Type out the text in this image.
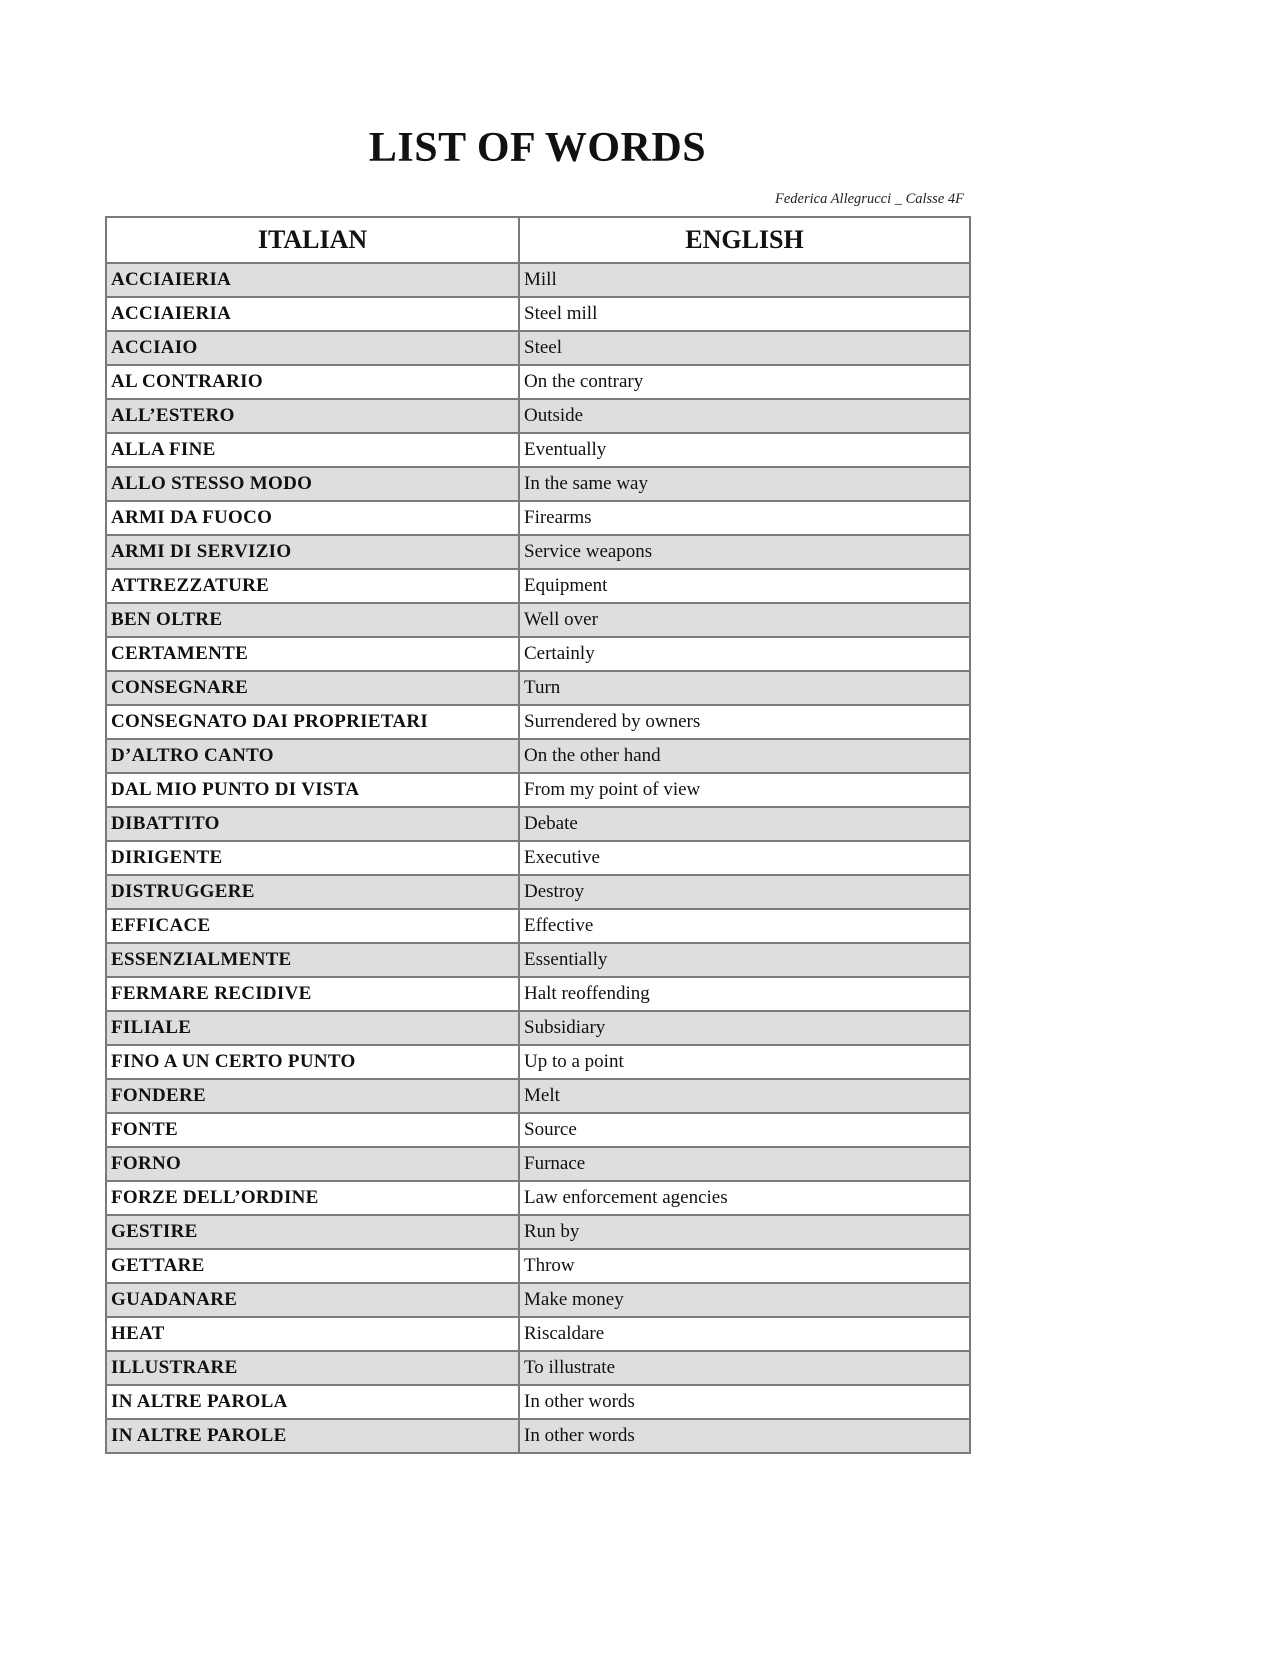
LIST OF WORDS
Federica Allegrucci _ Calsse 4F
ITALIAN	ENGLISH
ACCIAIERIA	Mill
ACCIAIERIA	Steel mill
ACCIAIO	Steel
AL CONTRARIO	On the contrary
ALL’ESTERO	Outside
ALLA FINE	Eventually
ALLO STESSO MODO	In the same way
ARMI DA FUOCO	Firearms
ARMI DI SERVIZIO	Service weapons
ATTREZZATURE	Equipment
BEN OLTRE	Well over
CERTAMENTE	Certainly
CONSEGNARE	Turn
CONSEGNATO DAI PROPRIETARI	Surrendered by owners
D’ALTRO CANTO	On the other hand
DAL MIO PUNTO DI VISTA	From my point of view
DIBATTITO	Debate
DIRIGENTE	Executive
DISTRUGGERE	Destroy
EFFICACE	Effective
ESSENZIALMENTE	Essentially
FERMARE RECIDIVE	Halt reoffending
FILIALE	Subsidiary
FINO A UN CERTO PUNTO	Up to a point
FONDERE	Melt
FONTE	Source
FORNO	Furnace
FORZE DELL’ORDINE	Law enforcement agencies
GESTIRE	Run by
GETTARE	Throw
GUADANARE	Make money
HEAT	Riscaldare
ILLUSTRARE	To illustrate
IN ALTRE PAROLA	In other words
IN ALTRE PAROLE	In other words
